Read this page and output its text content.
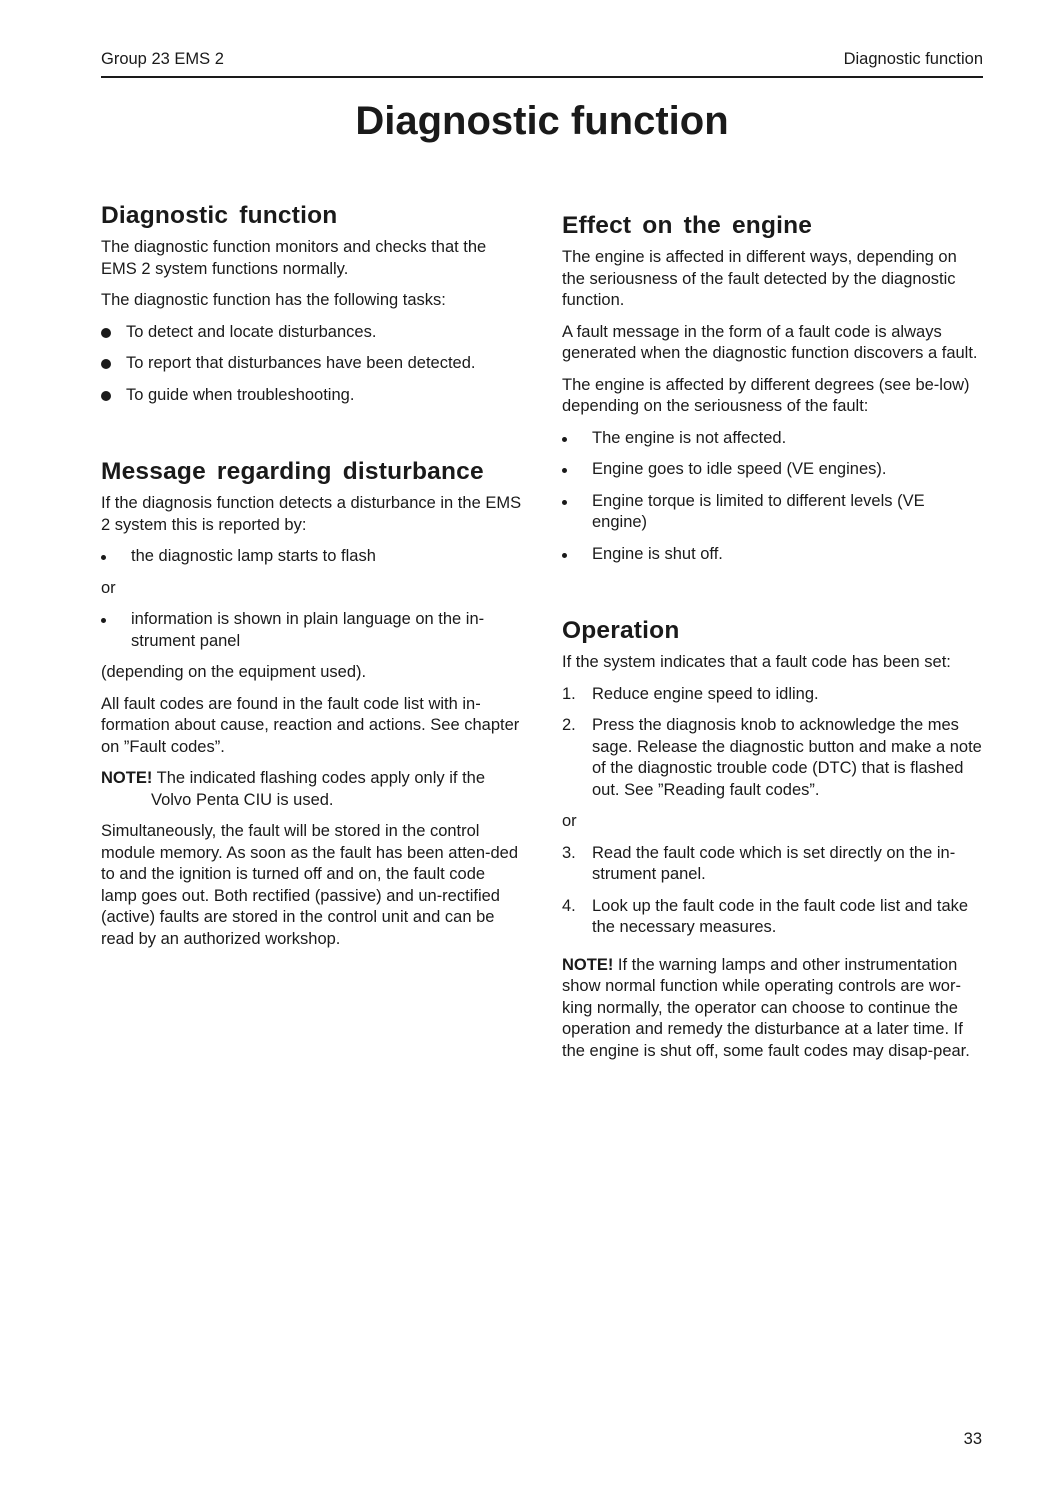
Group 23 EMS 2	Diagnostic function
Diagnostic function
Diagnostic function

The diagnostic function monitors and checks that the EMS 2 system functions normally.

The diagnostic function has the following tasks:

To detect and locate disturbances.
To report that disturbances have been detected.
To guide when troubleshooting.
Message regarding disturbance

If the diagnosis function detects a disturbance in the EMS 2 system this is reported by:

the diagnostic lamp starts to flash

or

information is shown in plain language on the in-strument panel

(depending on the equipment used).

All fault codes are found in the fault code list with in-formation about cause, reaction and actions. See chapter on ”Fault codes”.

NOTE! The indicated flashing codes apply only if the Volvo Penta CIU is used.

Simultaneously, the fault will be stored in the control module memory. As soon as the fault has been atten-ded to and the ignition is turned off and on, the fault code lamp goes out. Both rectified (passive) and un-rectified (active) faults are stored in the control unit and can be read by an authorized workshop.

Effect on the engine

The engine is affected in different ways, depending on the seriousness of the fault detected by the diagnostic function.

A fault message in the form of a fault code is always generated when the diagnostic function discovers a fault.

The engine is affected by different degrees (see be-low) depending on the seriousness of the fault:

The engine is not affected.
Engine goes to idle speed (VE engines).
Engine torque is limited to different levels (VE engine)
Engine is shut off.
Operation

If the system indicates that a fault code has been set:

1. Reduce engine speed to idling.
2. Press the diagnosis knob to acknowledge the mes sage. Release the diagnostic button and make a note of the diagnostic trouble code (DTC) that is flashed out. See ”Reading fault codes”.

or

3. Read the fault code which is set directly on the in-strument panel.
4. Look up the fault code in the fault code list and take the necessary measures.

NOTE! If the warning lamps and other instrumentation show normal function while operating controls are wor-king normally, the operator can choose to continue the operation and remedy the disturbance at a later time. If the engine is shut off, some fault codes may disap-pear.

33
